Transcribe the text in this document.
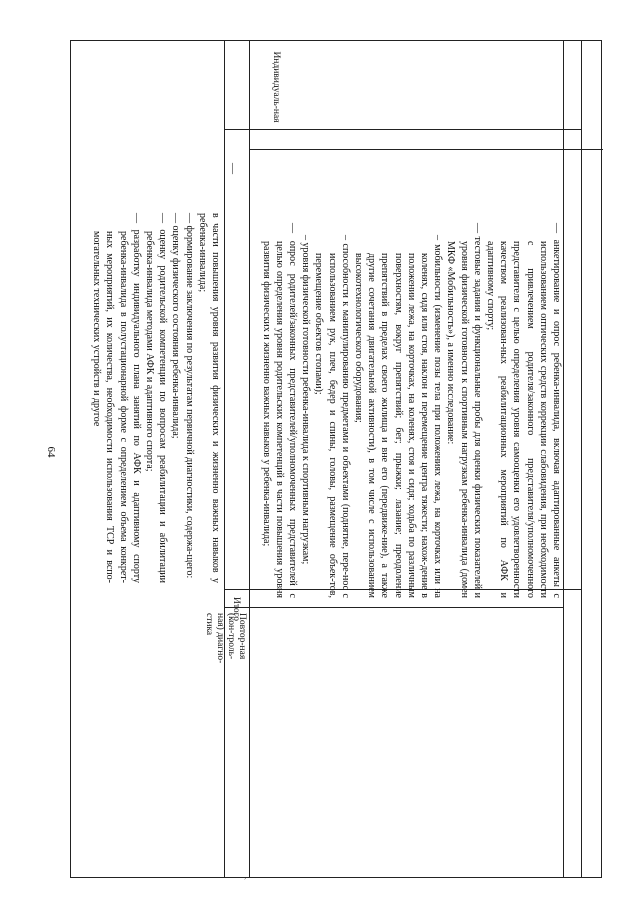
64
,

в части повышения уровня развития физических и жизненно важных навыков у ребенка-инвалида;

— формирование заключения по результатам первичной диагностики, содержа-щего:

— оценку физического состояния ребенка-инвалида;

— оценку родительской компетенции по вопросам реабилитации и абилитации ребенка-инвалида методами АФК и адаптивного спорта;

— разработку индивидуального плана занятий по АФК и адаптивному спорту ребенка-инвалида в полустационарной форме с определением объема конкрет-ных мероприятий, их количества, необходимости использования ТСР и вспо-могательных технических устройств и другое

—
Итого
Повтор-ная (кон-троль-ная) диагно-стика
Индивидуаль-ная

— анкетирование и опрос ребенка-инвалида, включая адаптированные анкеты с использованием оптических средств коррекции слабовидения, при необходимости с привлечением родителя/законного представителя/уполномоченного представителя с целью определения уровня самооценки его удовлетворенности качеством реализован-ных реабилитационных мероприятий по АФК и адаптивному спорту;

— тестовые задания и функциональные пробы для оценки физических показателей и уровня физической готовности к спортивным нагрузкам ребенка-инвалида (домен МКФ «Мобильность»), а именно исследование:

– мобильности (изменение позы тела при положениях лежа, на корточках или на коленях, сидя или стоя, наклон и перемещение центра тяжести; нахож-дение в положении лежа, на корточках, на коленях, стоя и сидя; ходьба по различным поверхностям, вокруг препятствий; бег; прыжки; лазание; преодоление препятствий в пределах своего жилища и вне его (передвиже-ние), а также другие сочетания двигательной активности), в том числе с использованием высокотехнологического оборудования;

– способности к манипулированию предметами и объектами (поднятие, пере-нос с использованием рук, плеч, бедер и спины, головы, размещение объек-тов, перемещение объектов стопами);

– уровня физической готовности ребенка-инвалида к спортивным нагрузкам;

— опрос родителей/законных представителей/уполномоченных представителей с целью определения уровня родительских компетенций в части повышения уровня развития физических и жизненно важных навыков у ребенка-инвалида;
